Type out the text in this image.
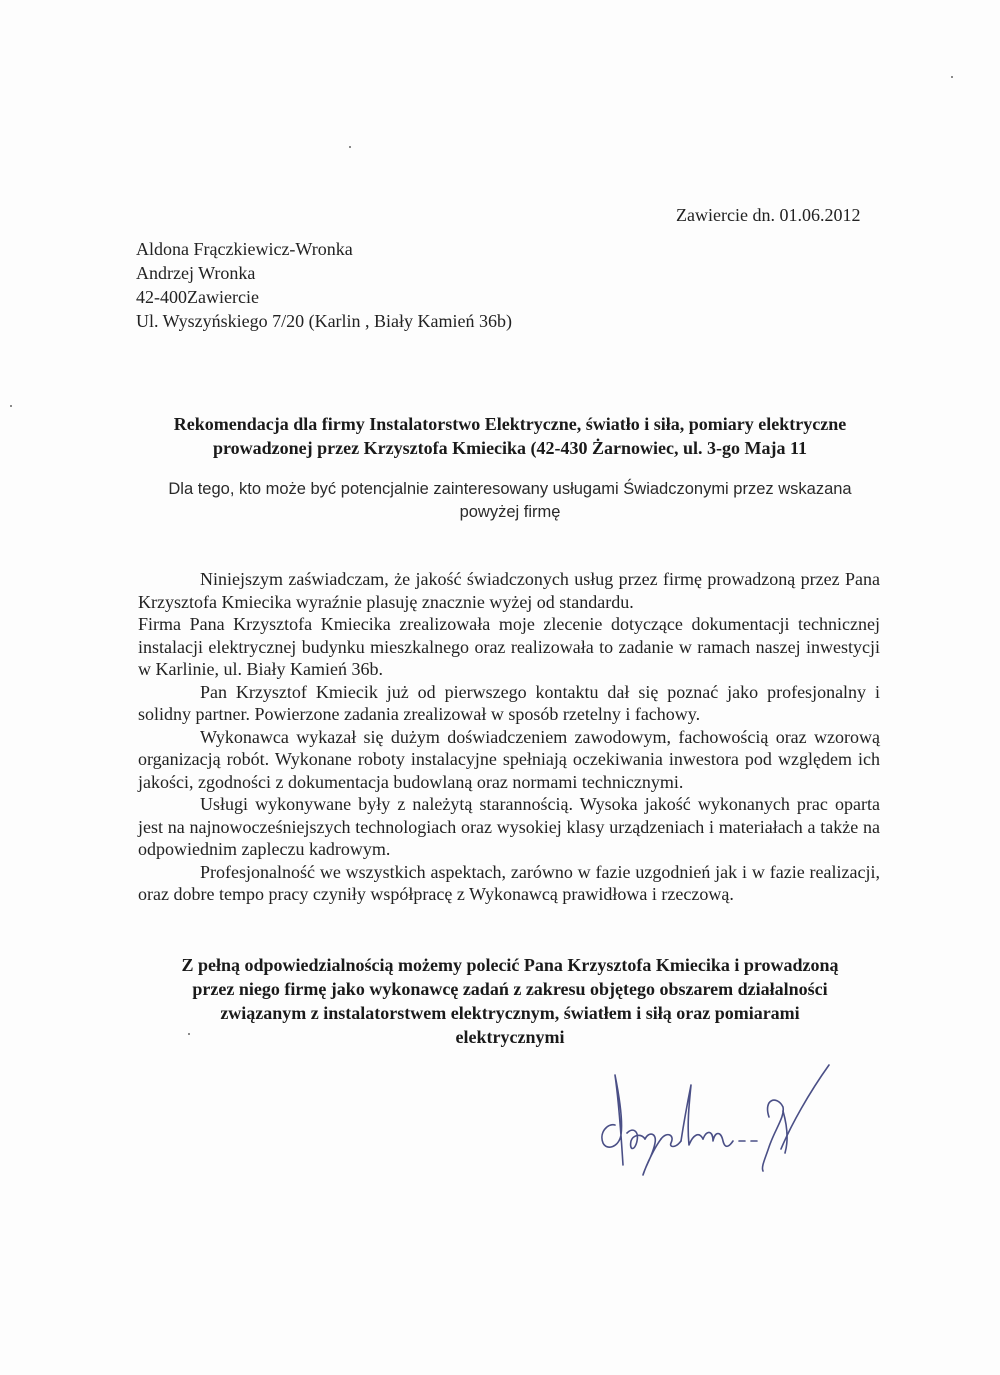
Zawiercie dn. 01.06.2012
Aldona Frączkiewicz-Wronka
Andrzej Wronka
42-400Zawiercie
Ul. Wyszyńskiego 7/20 (Karlin , Biały Kamień 36b)
Rekomendacja dla firmy Instalatorstwo Elektryczne, światło i siła, pomiary elektryczne
prowadzonej przez Krzysztofa Kmiecika (42-430 Żarnowiec, ul. 3-go Maja 11
Dla tego, kto może być potencjalnie zainteresowany usługami Świadczonymi przez wskazana
powyżej firmę

Niniejszym zaświadczam, że jakość świadczonych usług przez firmę prowadzoną przez Pana Krzysztofa Kmiecika wyraźnie plasuję znacznie wyżej od standardu.

Firma Pana Krzysztofa Kmiecika zrealizowała moje zlecenie dotyczące dokumentacji technicznej instalacji elektrycznej budynku mieszkalnego oraz realizowała to zadanie w ramach naszej inwestycji w Karlinie, ul. Biały Kamień 36b.

Pan Krzysztof Kmiecik już od pierwszego kontaktu dał się poznać jako profesjonalny i solidny partner. Powierzone zadania zrealizował w sposób rzetelny i fachowy.

Wykonawca wykazał się dużym doświadczeniem zawodowym, fachowością oraz wzorową organizacją robót. Wykonane roboty instalacyjne spełniają oczekiwania inwestora pod względem ich jakości, zgodności z dokumentacja budowlaną oraz normami technicznymi.

Usługi wykonywane były z należytą starannością. Wysoka jakość wykonanych prac oparta jest na najnowocześniejszych technologiach oraz wysokiej klasy urządzeniach i materiałach a także na odpowiednim zapleczu kadrowym.

Profesjonalność we wszystkich aspektach, zarówno w fazie uzgodnień jak i w fazie realizacji, oraz dobre tempo pracy czyniły współpracę z Wykonawcą prawidłowa i rzeczową.

Z pełną odpowiedzialnością możemy polecić Pana Krzysztofa Kmiecika i prowadzoną
przez niego firmę jako wykonawcę zadań z zakresu objętego obszarem działalności
związanym z instalatorstwem elektrycznym, światłem i siłą oraz pomiarami
elektrycznymi
